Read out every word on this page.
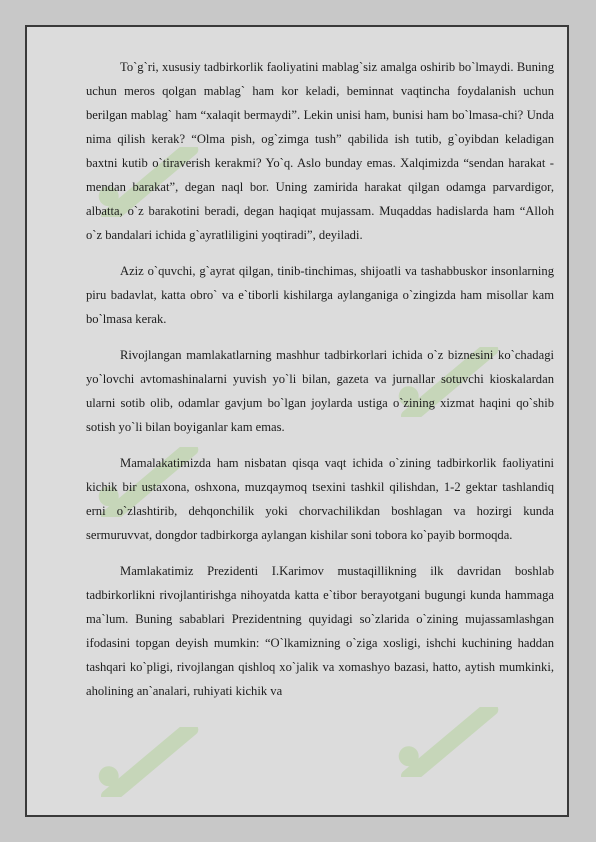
To`g`ri, xususiy tadbirkorlik faoliyatini mablag`siz amalga oshirib bo`lmaydi. Buning uchun meros qolgan mablag` ham kor keladi, beminnat vaqtincha foydalanish uchun berilgan mablag` ham “xalaqit bermaydi”. Lekin unisi ham, bunisi ham bo`lmasa-chi? Unda nima qilish kerak? “Olma pish, og`zimga tush” qabilida ish tutib, g`oyibdan keladigan baxtni kutib o`tiraverish kerakmi? Yo`q. Aslo bunday emas. Xalqimizda “sendan harakat - mendan barakat”, degan naql bor. Uning zamirida harakat qilgan odamga parvardigor, albatta, o`z barakotini beradi, degan haqiqat mujassam. Muqaddas hadislarda ham “Alloh o`z bandalari ichida g`ayratliligini yoqtiradi”, deyiladi.

Aziz o`quvchi, g`ayrat qilgan, tinib-tinchimas, shijoatli va tashabbuskor insonlarning piru badavlat, katta obro` va e`tiborli kishilarga aylanganiga o`zingizda ham misollar kam bo`lmasa kerak.

Rivojlangan mamlakatlarning mashhur tadbirkorlari ichida o`z biznesini ko`chadagi yo`lovchi avtomashinalarni yuvish yo`li bilan, gazeta va jurnallar sotuvchi kioskalardan ularni sotib olib, odamlar gavjum bo`lgan joylarda ustiga o`zining xizmat haqini qo`shib sotish yo`li bilan boyiganlar kam emas.

Mamalakatimizda ham nisbatan qisqa vaqt ichida o`zining tadbirkorlik faoliyatini kichik bir ustaxona, oshxona, muzqaymoq tsexini tashkil qilishdan, 1-2 gektar tashlandiq erni o`zlashtirib, dehqonchilik yoki chorvachilikdan boshlagan va hozirgi kunda sermuruvvat, dongdor tadbirkorga aylangan kishilar soni tobora ko`payib bormoqda.

Mamlakatimiz Prezidenti I.Karimov mustaqillikning ilk davridan boshlab tadbirkorlikni rivojlantirishga nihoyatda katta e`tibor berayotgani bugungi kunda hammaga ma`lum. Buning sabablari Prezidentning quyidagi so`zlarida o`zining mujassamlashgan ifodasini topgan deyish mumkin: “O`lkamizning o`ziga xosligi, ishchi kuchining haddan tashqari ko`pligi, rivojlangan qishloq xo`jalik va xomashyo bazasi, hatto, aytish mumkinki, aholining an`analari, ruhiyati kichik va
